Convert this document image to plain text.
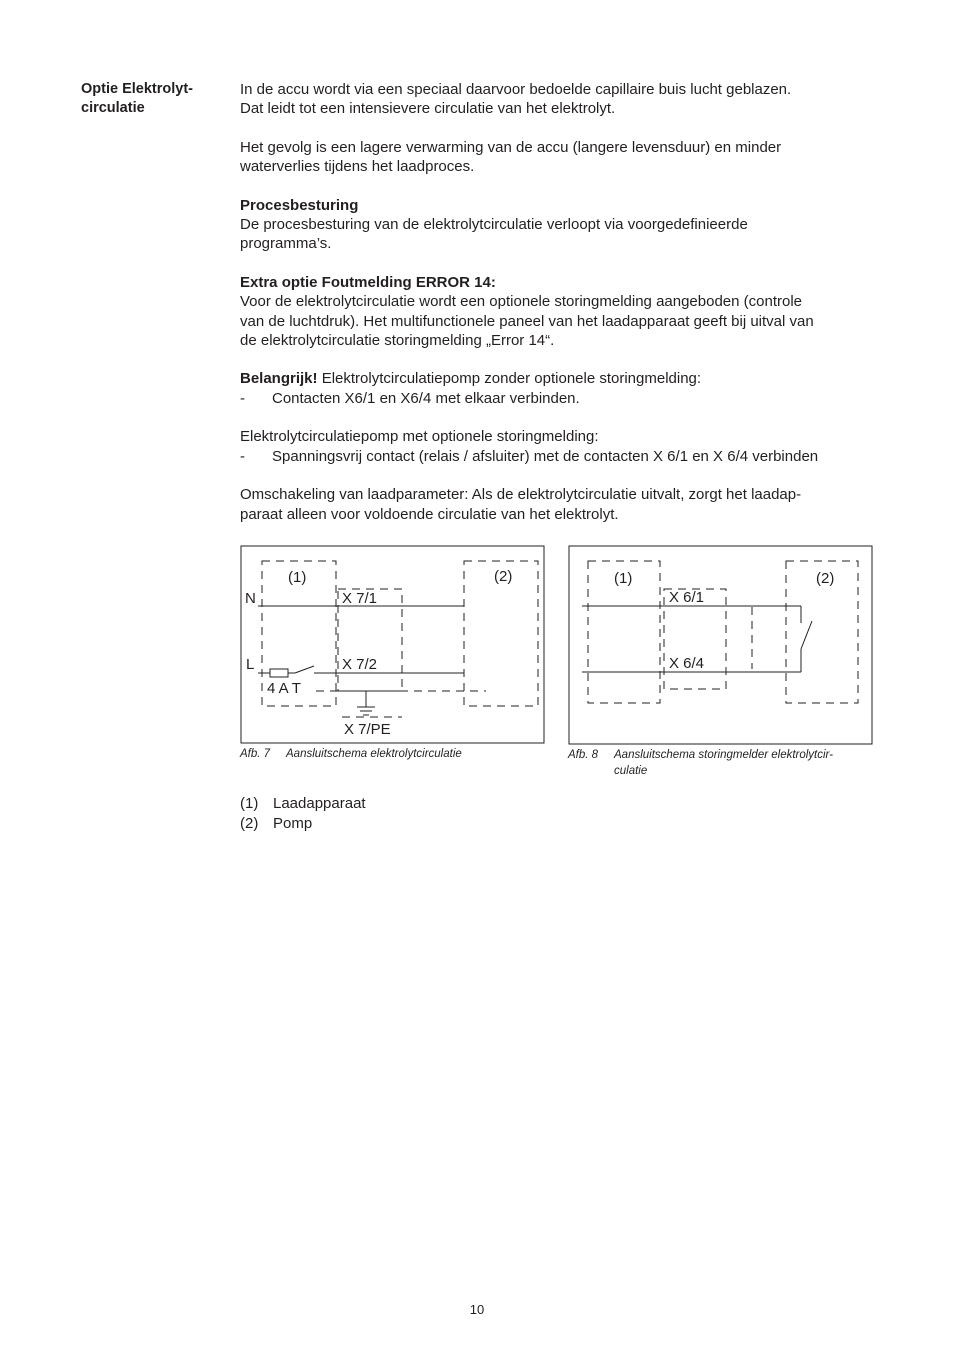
Optie Elektrolyt-
circulatie
In de accu wordt via een speciaal daarvoor bedoelde capillaire buis lucht geblazen.
Dat leidt tot een intensievere circulatie van het elektrolyt.
Het gevolg is een lagere verwarming van de accu (langere levensduur) en minder
waterverlies tijdens het laadproces.
Procesbesturing
De procesbesturing van de elektrolytcirculatie verloopt via voorgedefinieerde
programma’s.
Extra optie Foutmelding ERROR 14:
Voor de elektrolytcirculatie wordt een optionele storingmelding aangeboden (controle
van de luchtdruk). Het multifunctionele paneel van het laadapparaat geeft bij uitval van
de elektrolytcirculatie storingmelding „Error 14“.
Belangrijk! Elektrolytcirculatiepomp zonder optionele storingmelding:
-	Contacten X6/1 en X6/4 met elkaar verbinden.
Elektrolytcirculatiepomp met optionele storingmelding:
-	Spanningsvrij contact (relais / afsluiter) met de contacten X 6/1 en X 6/4 verbinden
Omschakeling van laadparameter: Als de elektrolytcirculatie uitvalt, zorgt het laadap-
paraat alleen voor voldoende circulatie van het elektrolyt.
(1)	(2)
N
L
X 7/1
X 7/2
4 A T
X 7/PE
(1)	(2)
X 6/1
X 6/4
Afb. 7 Aansluitschema elektrolytcirculatie	Afb. 8 Aansluitschema storingmelder elektrolytcir-
culatie
(1) Laadapparaat
(2) Pomp
10
